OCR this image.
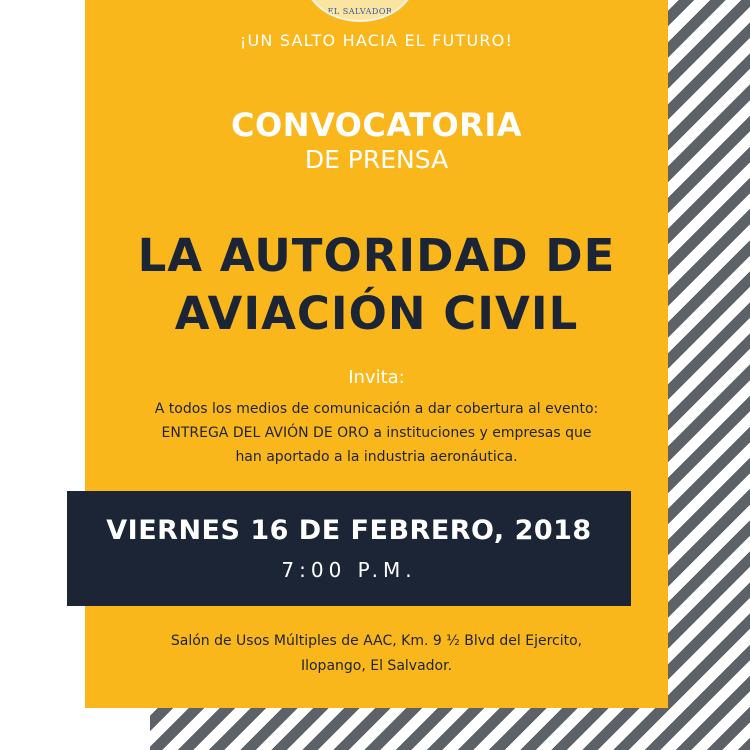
EL SALVADOR
¡UN SALTO HACIA EL FUTURO!
CONVOCATORIA
DE PRENSA
LA AUTORIDAD DE
AVIACIÓN CIVIL
Invita:
A todos los medios de comunicación a dar cobertura al evento:
ENTREGA DEL AVIÓN DE ORO a instituciones y empresas que
han aportado a la industria aeronáutica.
VIERNES 16 DE FEBRERO, 2018
7:00 P.M.
Salón de Usos Múltiples de AAC, Km. 9 ½ Blvd del Ejercito,
Ilopango, El Salvador.
